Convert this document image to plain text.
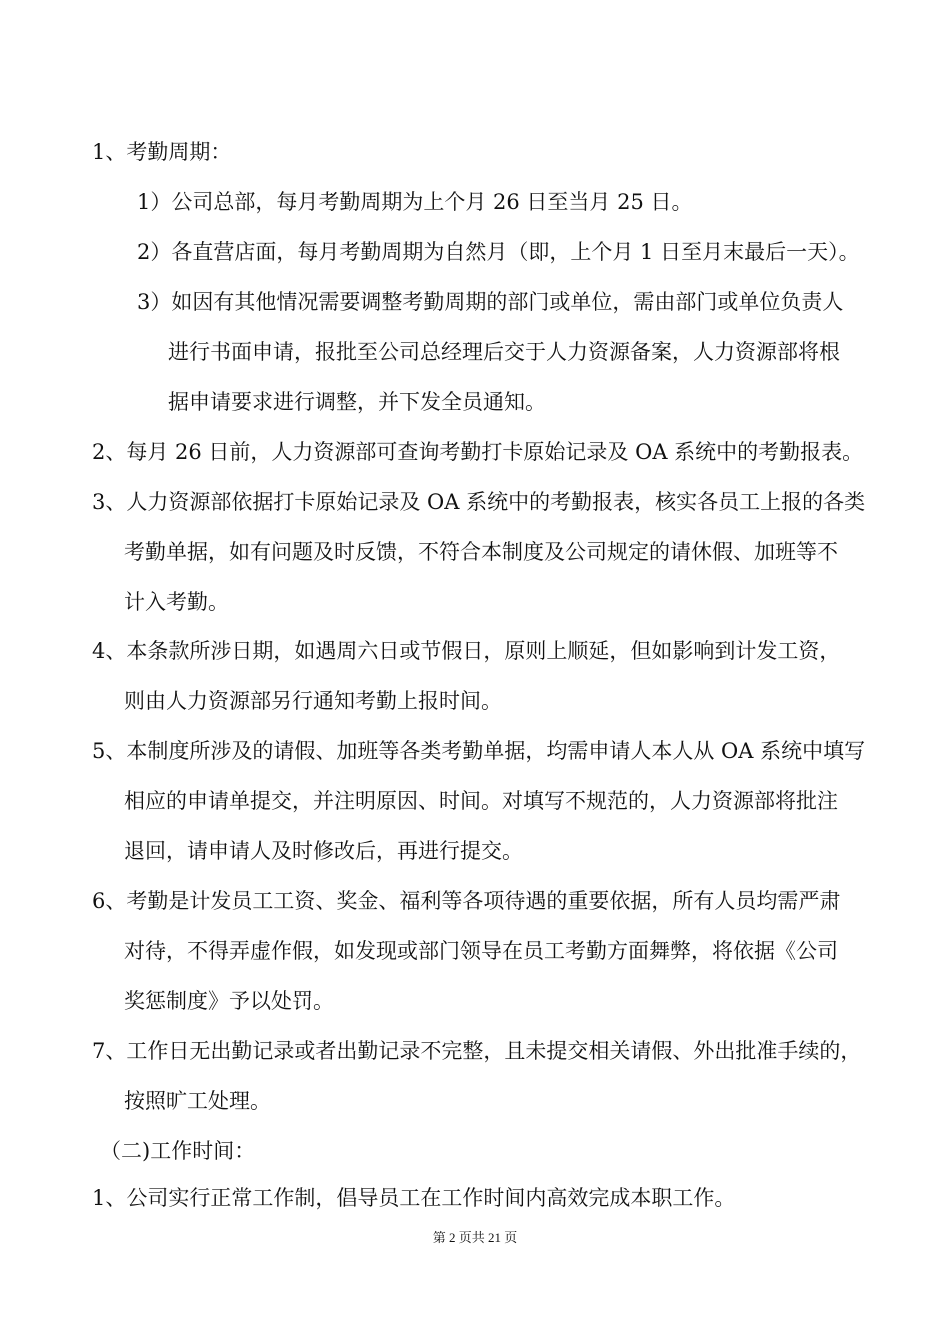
1、考勤周期：
1）公司总部，每月考勤周期为上个月 26 日至当月 25 日。
2）各直营店面，每月考勤周期为自然月（即，上个月 1 日至月末最后一天）。
3）如因有其他情况需要调整考勤周期的部门或单位，需由部门或单位负责人
进行书面申请，报批至公司总经理后交于人力资源备案，人力资源部将根
据申请要求进行调整，并下发全员通知。
2、每月 26 日前，人力资源部可查询考勤打卡原始记录及 OA 系统中的考勤报表。
3、人力资源部依据打卡原始记录及 OA 系统中的考勤报表，核实各员工上报的各类
考勤单据，如有问题及时反馈，不符合本制度及公司规定的请休假、加班等不
计入考勤。
4、本条款所涉日期，如遇周六日或节假日，原则上顺延，但如影响到计发工资，
则由人力资源部另行通知考勤上报时间。
5、本制度所涉及的请假、加班等各类考勤单据，均需申请人本人从 OA 系统中填写
相应的申请单提交，并注明原因、时间。对填写不规范的，人力资源部将批注
退回，请申请人及时修改后，再进行提交。
6、考勤是计发员工工资、奖金、福利等各项待遇的重要依据，所有人员均需严肃
对待，不得弄虚作假，如发现或部门领导在员工考勤方面舞弊，将依据《公司
奖惩制度》予以处罚。
7、工作日无出勤记录或者出勤记录不完整，且未提交相关请假、外出批准手续的，
按照旷工处理。
（二)工作时间：
1、公司实行正常工作制，倡导员工在工作时间内高效完成本职工作。
第 2 页共 21 页
